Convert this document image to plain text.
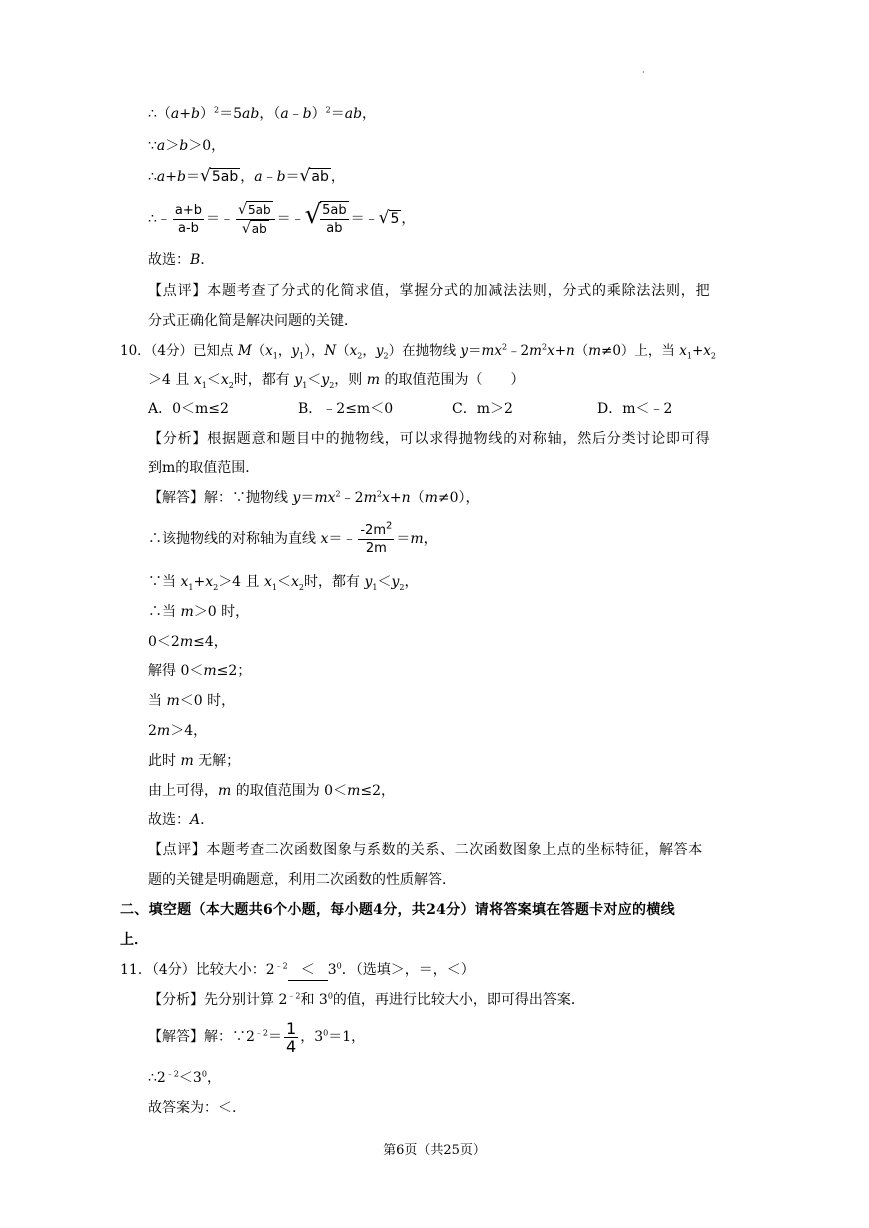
·
$\therefore(a+b)^2=5ab$，（a﹣b）$^2$＝ab，
∵a＞b＞0，
∴a+b＝√5ab ，a﹣b＝√ab ，
∴﹣ $\frac{a+b}{a-b}$ ＝﹣ $\frac{√5ab}{√ab}$ ＝﹣√ $\frac{5ab}{ab}$ ＝﹣√5 ，
故选：B.
【点评】本题考查了分式的化简求值，掌握分式的加减法法则，分式的乘除法法则，把
分式正确化简是解决问题的关键．
10．（4分）已知点 $M(x_1$，$y_1$），$N(x_2$，$y_2$）在抛物线 $y=mx^2﹣2m^2x+n(m\ne 0)$上，当 $x_1+x_2$
＞4 且 $x_1<x_2$时，都有 $y_1<y_2$，则 m 的取值范围为（　　）
A．0＜m≤2	B．﹣2≤m＜0	C．m＞2	D．m＜﹣2
【分析】根据题意和题目中的抛物线，可以求得抛物线的对称轴，然后分类讨论即可得
到m的取值范围．
【解答】解：∵抛物线 $y=mx^2﹣2m^2x+n(m\ne 0)$，
∴该抛物线的对称轴为直线 x＝﹣ $\frac{-2m^2}{2m} =m$，
∵当 $x_1+x_2>4$ 且 $x_1<x_2$时，都有 $y_1<y_2$，
∴当 m＞0 时，
0＜2m≤4，
解得 0＜m≤2；
当 m＜0 时，
2m＞4，
此时 m 无解；
由上可得，m 的取值范围为 0＜m≤2，
故选：A.
【点评】本题考查二次函数图象与系数的关系、二次函数图象上点的坐标特征，解答本
题的关键是明确题意，利用二次函数的性质解答．
二、填空题（本大题共6个小题，每小题4分，共24分）请将答案填在答题卡对应的横线
上．
11．（4分）比较大小：$2^{﹣2} < 3^0$．（选填＞，＝，＜）
【分析】先分别计算 $2^{﹣2}$和 $3^0$的值，再进行比较大小，即可得出答案．
【解答】解：$\because 2^{﹣2}= \frac{1}{4}$ ，$3^0=1$，
$\therefore 2^{﹣2}<3^0$，
故答案为：＜.
第6页（共25页）
